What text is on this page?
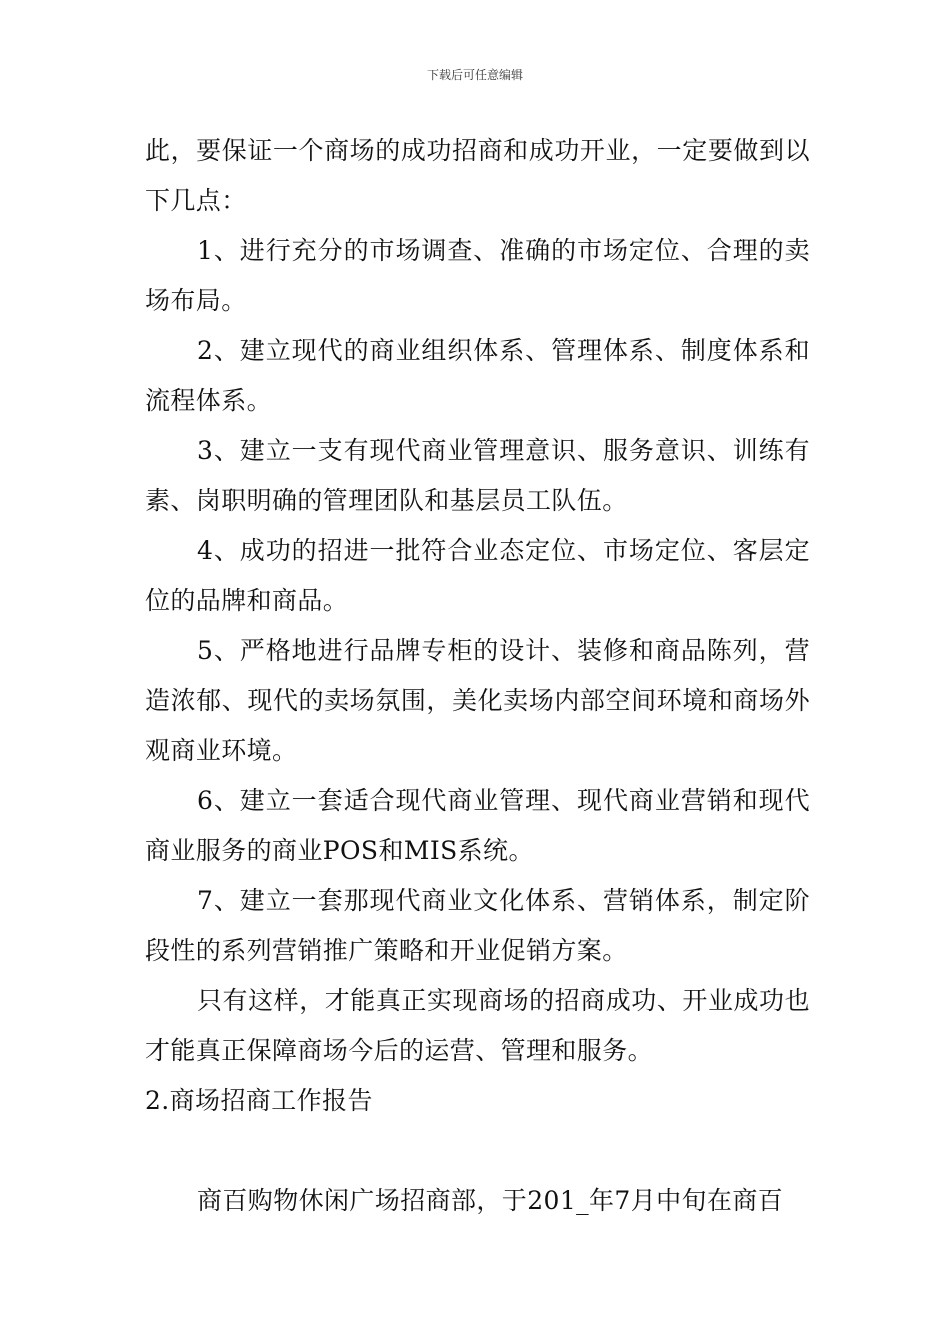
下载后可任意编辑

此，要保证一个商场的成功招商和成功开业，一定要做到以下几点：

1、进行充分的市场调查、准确的市场定位、合理的卖场布局。

2、建立现代的商业组织体系、管理体系、制度体系和流程体系。

3、建立一支有现代商业管理意识、服务意识、训练有素、岗职明确的管理团队和基层员工队伍。

4、成功的招进一批符合业态定位、市场定位、客层定位的品牌和商品。

5、严格地进行品牌专柜的设计、装修和商品陈列，营造浓郁、现代的卖场氛围，美化卖场内部空间环境和商场外观商业环境。

6、建立一套适合现代商业管理、现代商业营销和现代商业服务的商业POS和MIS系统。

7、建立一套那现代商业文化体系、营销体系，制定阶段性的系列营销推广策略和开业促销方案。

只有这样，才能真正实现商场的招商成功、开业成功也才能真正保障商场今后的运营、管理和服务。

2.商场招商工作报告

商百购物休闲广场招商部，于201_年7月中旬在商百
